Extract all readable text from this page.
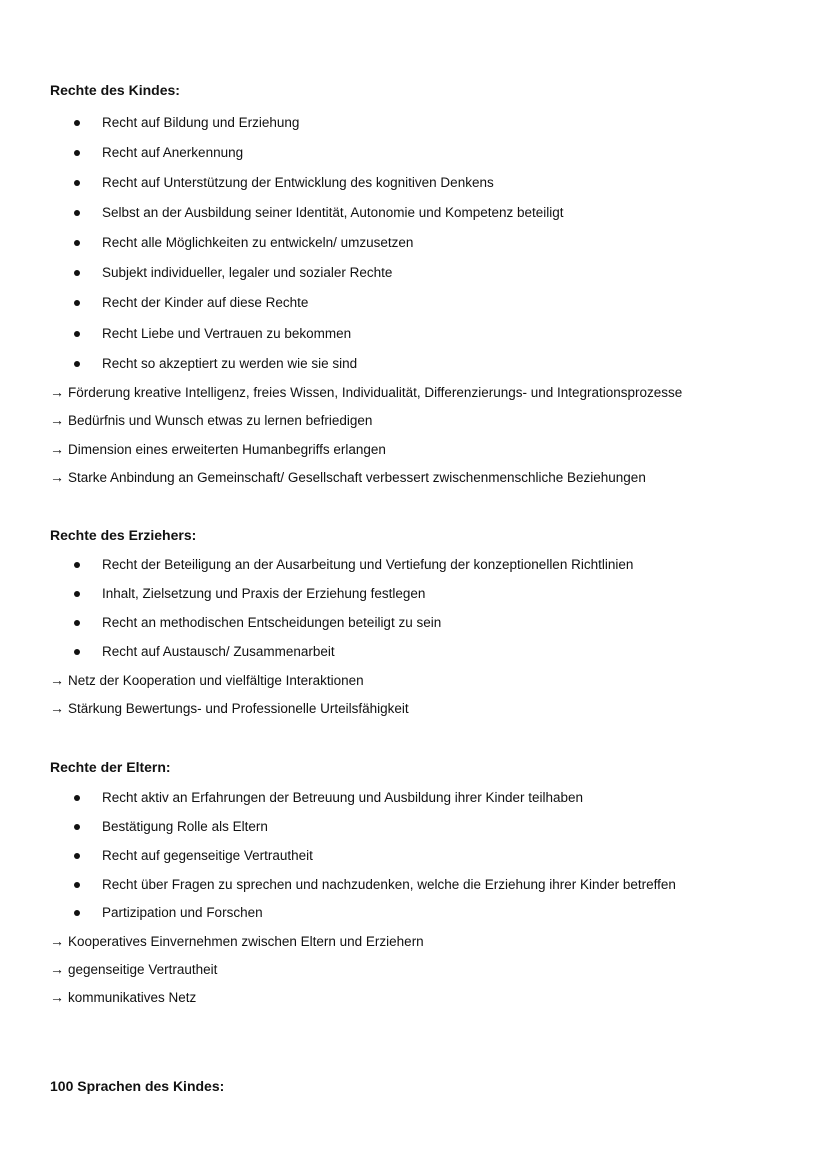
Rechte des Kindes:
Recht auf Bildung und Erziehung
Recht auf Anerkennung
Recht auf Unterstützung der Entwicklung des kognitiven Denkens
Selbst an der Ausbildung seiner Identität, Autonomie und Kompetenz beteiligt
Recht alle Möglichkeiten zu entwickeln/ umzusetzen
Subjekt individueller, legaler und sozialer Rechte
Recht der Kinder auf diese Rechte
Recht Liebe und Vertrauen zu bekommen
Recht so akzeptiert zu werden wie sie sind
→ Förderung kreative Intelligenz, freies Wissen, Individualität, Differenzierungs- und Integrationsprozesse
→ Bedürfnis und Wunsch etwas zu lernen befriedigen
→ Dimension eines erweiterten Humanbegriffs erlangen
→ Starke Anbindung an Gemeinschaft/ Gesellschaft verbessert zwischenmenschliche Beziehungen
Rechte des Erziehers:
Recht der Beteiligung an der Ausarbeitung und Vertiefung der konzeptionellen Richtlinien
Inhalt, Zielsetzung und Praxis der Erziehung festlegen
Recht an methodischen Entscheidungen beteiligt zu sein
Recht auf Austausch/ Zusammenarbeit
→ Netz der Kooperation und vielfältige Interaktionen
→ Stärkung Bewertungs- und Professionelle Urteilsfähigkeit
Rechte der Eltern:
Recht aktiv an Erfahrungen der Betreuung und Ausbildung ihrer Kinder teilhaben
Bestätigung Rolle als Eltern
Recht auf gegenseitige Vertrautheit
Recht über Fragen zu sprechen und nachzudenken, welche die Erziehung ihrer Kinder betreffen
Partizipation und Forschen
→ Kooperatives Einvernehmen zwischen Eltern und Erziehern
→ gegenseitige Vertrautheit
→ kommunikatives Netz
100 Sprachen des Kindes:
